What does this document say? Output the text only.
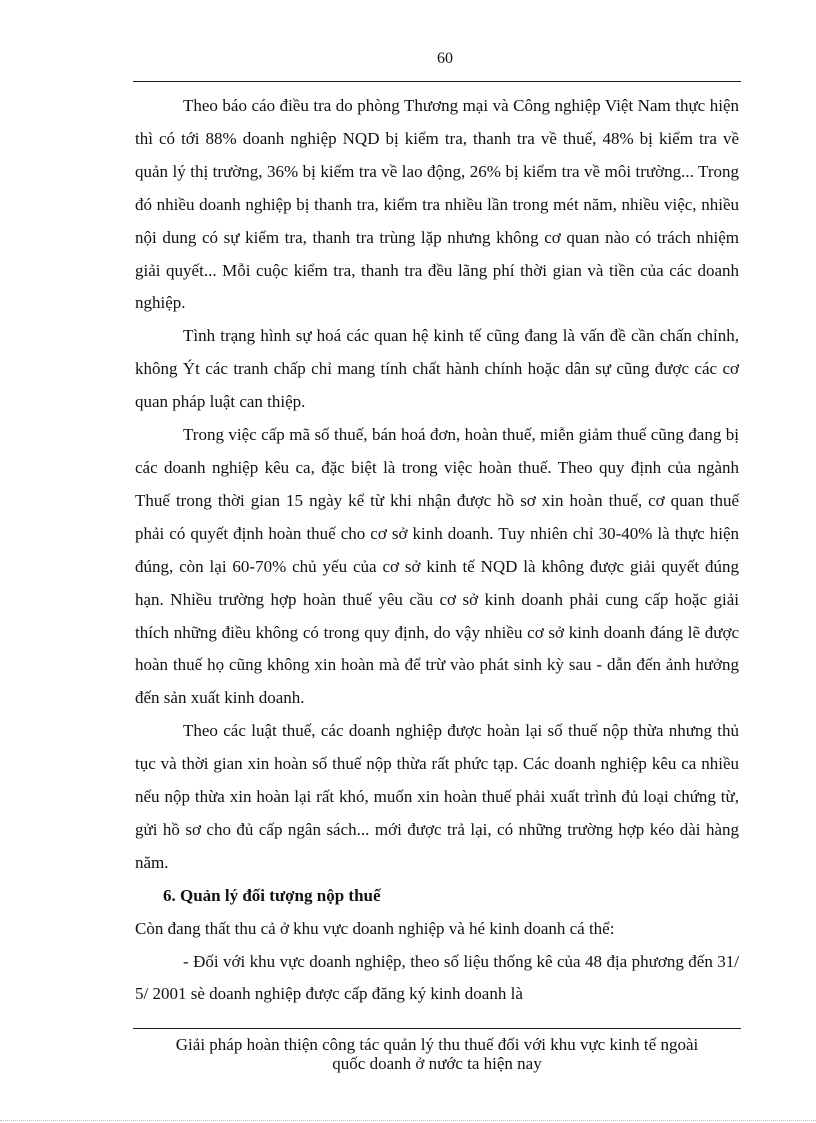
60

Theo báo cáo điều tra do phòng Thương mại và Công nghiệp Việt Nam thực hiện thì có tới 88% doanh nghiệp NQD bị kiểm tra, thanh tra về thuế, 48% bị kiểm tra về quản lý thị trường, 36% bị kiểm tra về lao động, 26% bị kiểm tra về môi trường... Trong đó nhiều doanh nghiệp bị thanh tra, kiểm tra nhiều lần trong mét năm, nhiều việc, nhiều nội dung có sự kiểm tra, thanh tra trùng lặp nhưng không cơ quan nào có trách nhiệm giải quyết... Mỗi cuộc kiểm tra, thanh tra đều lãng phí thời gian và tiền của các doanh nghiệp.

Tình trạng hình sự hoá các quan hệ kinh tế cũng đang là vấn đề cần chấn chỉnh, không Ýt các tranh chấp chỉ mang tính chất hành chính hoặc dân sự cũng được các cơ quan pháp luật can thiệp.

Trong việc cấp mã số thuế, bán hoá đơn, hoàn thuế, miễn giảm thuế cũng đang bị các doanh nghiệp kêu ca, đặc biệt là trong việc hoàn thuế. Theo quy định của ngành Thuế trong thời gian 15 ngày kể từ khi nhận được hồ sơ xin hoàn thuế, cơ quan thuế phải có quyết định hoàn thuế cho cơ sở kinh doanh. Tuy nhiên chỉ 30-40% là thực hiện đúng, còn lại 60-70% chủ yếu của cơ sở kinh tế NQD là không được giải quyết đúng hạn. Nhiều trường hợp hoàn thuế yêu cầu cơ sở kinh doanh phải cung cấp hoặc giải thích những điều không có trong quy định, do vậy nhiều cơ sở kinh doanh đáng lẽ được hoàn thuế họ cũng không xin hoàn mà để trừ vào phát sinh kỳ sau - dẫn đến ảnh hưởng đến sản xuất kinh doanh.

Theo các luật thuế, các doanh nghiệp được hoàn lại số thuế nộp thừa nhưng thủ tục và thời gian xin hoàn số thuế nộp thừa rất phức tạp. Các doanh nghiệp kêu ca nhiều nếu nộp thừa xin hoàn lại rất khó, muốn xin hoàn thuế phải xuất trình đủ loại chứng từ, gửi hồ sơ cho đủ cấp ngân sách... mới được trả lại, có những trường hợp kéo dài hàng năm.

6. Quản lý đối tượng nộp thuế

Còn đang thất thu cả ở khu vực doanh nghiệp và hé kinh doanh cá thể:

- Đối với khu vực doanh nghiệp, theo số liệu thống kê của 48 địa phương đến 31/ 5/ 2001 sè doanh nghiệp được cấp đăng ký kinh doanh là

Giải pháp hoàn thiện công tác quản lý thu thuế đối với khu vực kinh tế ngoài
quốc doanh ở nước ta hiện nay
